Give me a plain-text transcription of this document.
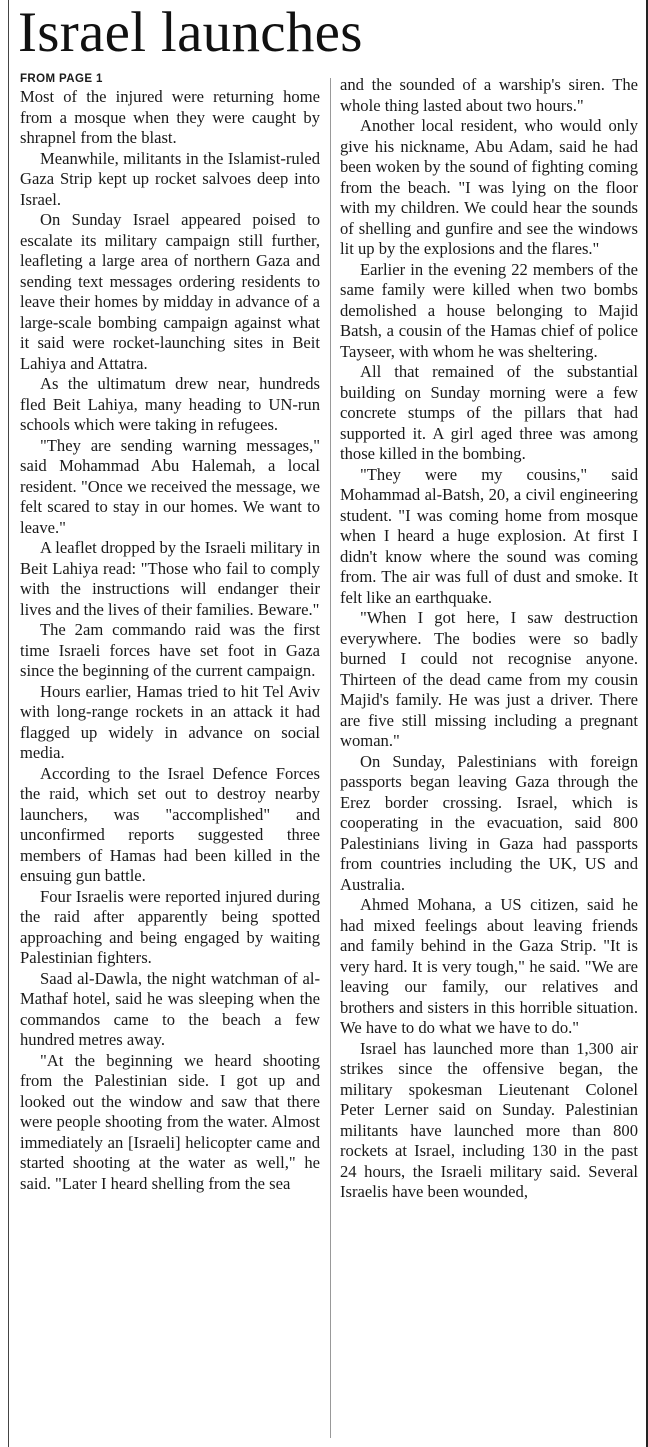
Israel launches
FROM PAGE 1

Most of the injured were returning home from a mosque when they were caught by shrapnel from the blast.

Meanwhile, militants in the Islamist-ruled Gaza Strip kept up rocket salvoes deep into Israel.

On Sunday Israel appeared poised to escalate its military campaign still further, leafleting a large area of northern Gaza and sending text messages ordering residents to leave their homes by midday in advance of a large-scale bombing campaign against what it said were rocket-launching sites in Beit Lahiya and Attatra.

As the ultimatum drew near, hundreds fled Beit Lahiya, many heading to UN-run schools which were taking in refugees.

"They are sending warning messages," said Mohammad Abu Halemah, a local resident. "Once we received the message, we felt scared to stay in our homes. We want to leave."

A leaflet dropped by the Israeli military in Beit Lahiya read: "Those who fail to comply with the instructions will endanger their lives and the lives of their families. Beware."

The 2am commando raid was the first time Israeli forces have set foot in Gaza since the beginning of the current campaign.

Hours earlier, Hamas tried to hit Tel Aviv with long-range rockets in an attack it had flagged up widely in advance on social media.

According to the Israel Defence Forces the raid, which set out to destroy nearby launchers, was "accomplished" and unconfirmed reports suggested three members of Hamas had been killed in the ensuing gun battle.

Four Israelis were reported injured during the raid after apparently being spotted approaching and being engaged by waiting Palestinian fighters.

Saad al-Dawla, the night watchman of al-Mathaf hotel, said he was sleeping when the commandos came to the beach a few hundred metres away.

"At the beginning we heard shooting from the Palestinian side. I got up and looked out the window and saw that there were people shooting from the water. Almost immediately an [Israeli] helicopter came and started shooting at the water as well," he said. "Later I heard shelling from the sea

and the sounded of a warship's siren. The whole thing lasted about two hours."

Another local resident, who would only give his nickname, Abu Adam, said he had been woken by the sound of fighting coming from the beach. "I was lying on the floor with my children. We could hear the sounds of shelling and gunfire and see the windows lit up by the explosions and the flares."

Earlier in the evening 22 members of the same family were killed when two bombs demolished a house belonging to Majid Batsh, a cousin of the Hamas chief of police Tayseer, with whom he was sheltering.

All that remained of the substantial building on Sunday morning were a few concrete stumps of the pillars that had supported it. A girl aged three was among those killed in the bombing.

"They were my cousins," said Mohammad al-Batsh, 20, a civil engineering student. "I was coming home from mosque when I heard a huge explosion. At first I didn't know where the sound was coming from. The air was full of dust and smoke. It felt like an earthquake.

"When I got here, I saw destruction everywhere. The bodies were so badly burned I could not recognise anyone. Thirteen of the dead came from my cousin Majid's family. He was just a driver. There are five still missing including a pregnant woman."

On Sunday, Palestinians with foreign passports began leaving Gaza through the Erez border crossing. Israel, which is cooperating in the evacuation, said 800 Palestinians living in Gaza had passports from countries including the UK, US and Australia.

Ahmed Mohana, a US citizen, said he had mixed feelings about leaving friends and family behind in the Gaza Strip. "It is very hard. It is very tough," he said. "We are leaving our family, our relatives and brothers and sisters in this horrible situation. We have to do what we have to do."

Israel has launched more than 1,300 air strikes since the offensive began, the military spokesman Lieutenant Colonel Peter Lerner said on Sunday. Palestinian militants have launched more than 800 rockets at Israel, including 130 in the past 24 hours, the Israeli military said. Several Israelis have been wounded,
